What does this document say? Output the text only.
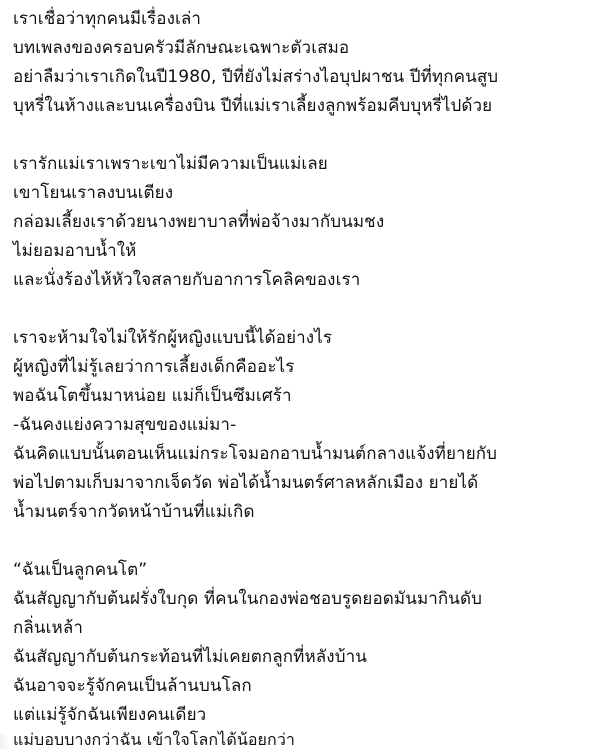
เราเชื่อว่าทุกคนมีเรื่องเล่า
บทเพลงของครอบครัวมีลักษณะเฉพาะตัวเสมอ
อย่าลืมว่าเราเกิดในปี1980, ปีที่ยังไม่สร่างไอบุปผาชน ปีที่ทุกคนสูบ
บุหรี่ในห้างและบนเครื่องบิน ปีที่แม่เราเลี้ยงลูกพร้อมคีบบุหรี่ไปด้วย
เรารักแม่เราเพราะเขาไม่มีความเป็นแม่เลย
เขาโยนเราลงบนเตียง
กล่อมเลี้ยงเราด้วยนางพยาบาลที่พ่อจ้างมากับนมชง
ไม่ยอมอาบน้ำให้
และนั่งร้องไห้หัวใจสลายกับอาการโคลิคของเรา
เราจะห้ามใจไม่ให้รักผู้หญิงแบบนี้ได้อย่างไร
ผู้หญิงที่ไม่รู้เลยว่าการเลี้ยงเด็กคืออะไร
พอฉันโตขึ้นมาหน่อย แม่ก็เป็นซึมเศร้า
-ฉันคงแย่งความสุขของแม่มา-
ฉันคิดแบบนั้นตอนเห็นแม่กระโจมอกอาบน้ำมนต์กลางแจ้งที่ยายกับ
พ่อไปตามเก็บมาจากเจ็ดวัด พ่อได้น้ำมนตร์ศาลหลักเมือง ยายได้
น้ำมนตร์จากวัดหน้าบ้านที่แม่เกิด
“ฉันเป็นลูกคนโต”
ฉันสัญญากับต้นฝรั่งใบกุด ที่คนในกองพ่อชอบรูดยอดมันมากินดับ
กลิ่นเหล้า
ฉันสัญญากับต้นกระท้อนที่ไม่เคยตกลูกที่หลังบ้าน
ฉันอาจจะรู้จักคนเป็นล้านบนโลก
แต่แม่รู้จักฉันเพียงคนเดียว
แม่บอบบางกว่าฉัน เข้าใจโลกได้น้อยกว่า
